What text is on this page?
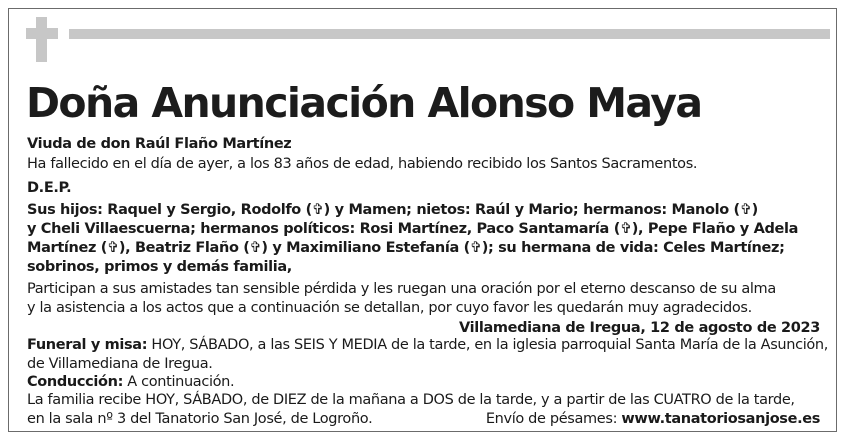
Doña Anunciación Alonso Maya
Viuda de don Raúl Flaño Martínez
Ha fallecido en el día de ayer, a los 83 años de edad, habiendo recibido los Santos Sacramentos.
D.E.P.
Sus hijos: Raquel y Sergio, Rodolfo (✞) y Mamen; nietos: Raúl y Mario; hermanos: Manolo (✞)
y Cheli Villaescuerna; hermanos políticos: Rosi Martínez, Paco Santamaría (✞), Pepe Flaño y Adela
Martínez (✞), Beatriz Flaño (✞) y Maximiliano Estefanía (✞); su hermana de vida: Celes Martínez;
sobrinos, primos y demás familia,
Participan a sus amistades tan sensible pérdida y les ruegan una oración por el eterno descanso de su alma
y la asistencia a los actos que a continuación se detallan, por cuyo favor les quedarán muy agradecidos.
Villamediana de Iregua, 12 de agosto de 2023
Funeral y misa: HOY, SÁBADO, a las SEIS Y MEDIA de la tarde, en la iglesia parroquial Santa María de la Asunción,
de Villamediana de Iregua.
Conducción: A continuación.
La familia recibe HOY, SÁBADO, de DIEZ de la mañana a DOS de la tarde, y a partir de las CUATRO de la tarde,
en la sala nº 3 del Tanatorio San José, de Logroño.	Envío de pésames: www.tanatoriosanjose.es
